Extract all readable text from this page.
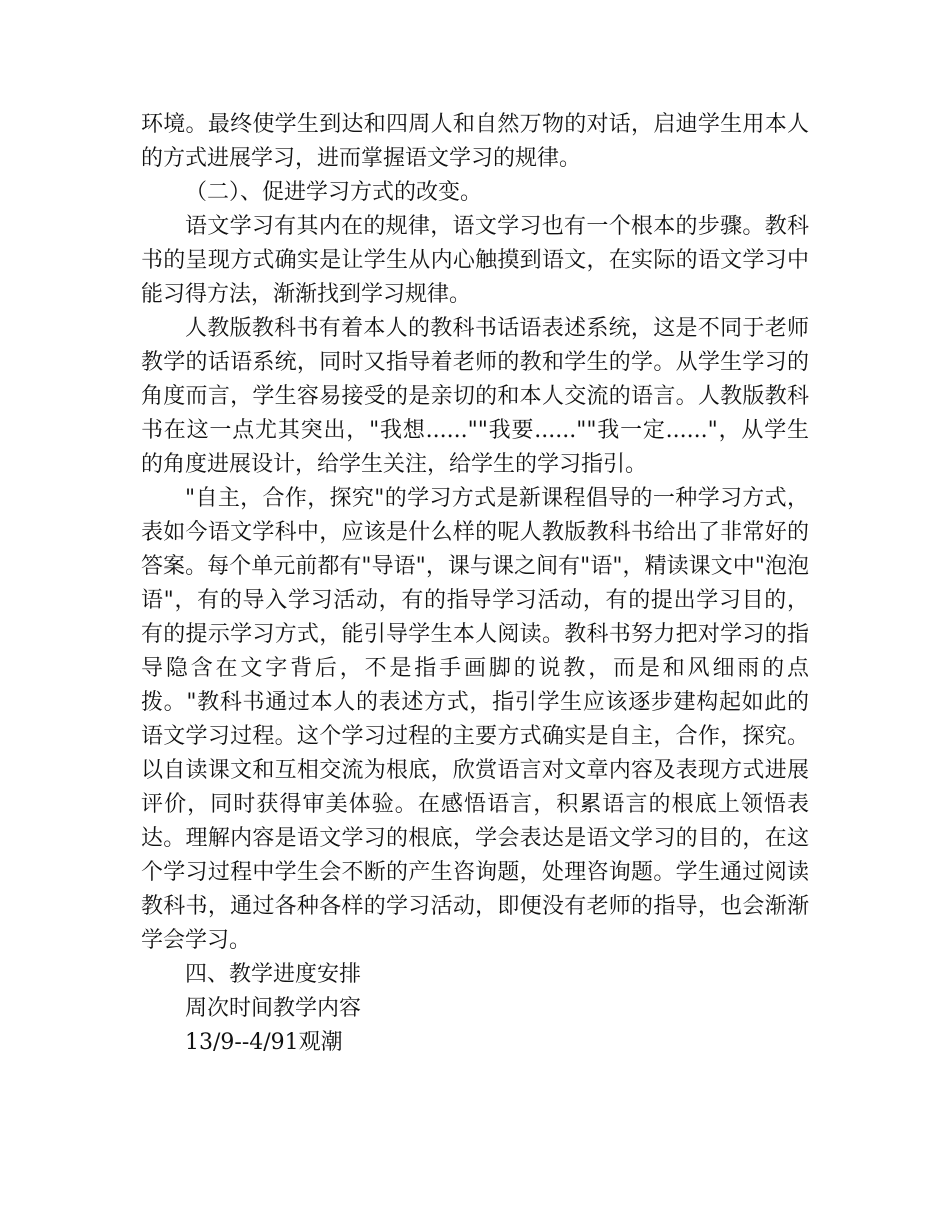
环境。最终使学生到达和四周人和自然万物的对话，启迪学生用本人的方式进展学习，进而掌握语文学习的规律。

（二）、促进学习方式的改变。

语文学习有其内在的规律，语文学习也有一个根本的步骤。教科书的呈现方式确实是让学生从内心触摸到语文，在实际的语文学习中能习得方法，渐渐找到学习规律。

人教版教科书有着本人的教科书话语表述系统，这是不同于老师教学的话语系统，同时又指导着老师的教和学生的学。从学生学习的角度而言，学生容易接受的是亲切的和本人交流的语言。人教版教科书在这一点尤其突出，"我想......""我要......""我一定......"，从学生的角度进展设计，给学生关注，给学生的学习指引。

"自主，合作，探究"的学习方式是新课程倡导的一种学习方式，表如今语文学科中，应该是什么样的呢人教版教科书给出了非常好的答案。每个单元前都有"导语"，课与课之间有"语"，精读课文中"泡泡语"，有的导入学习活动，有的指导学习活动，有的提出学习目的，有的提示学习方式，能引导学生本人阅读。教科书努力把对学习的指导隐含在文字背后，不是指手画脚的说教，而是和风细雨的点拨。"教科书通过本人的表述方式，指引学生应该逐步建构起如此的语文学习过程。这个学习过程的主要方式确实是自主，合作，探究。以自读课文和互相交流为根底，欣赏语言对文章内容及表现方式进展评价，同时获得审美体验。在感悟语言，积累语言的根底上领悟表达。理解内容是语文学习的根底，学会表达是语文学习的目的，在这个学习过程中学生会不断的产生咨询题，处理咨询题。学生通过阅读教科书，通过各种各样的学习活动，即便没有老师的指导，也会渐渐学会学习。

四、教学进度安排

周次时间教学内容

13/9--4/91观潮
